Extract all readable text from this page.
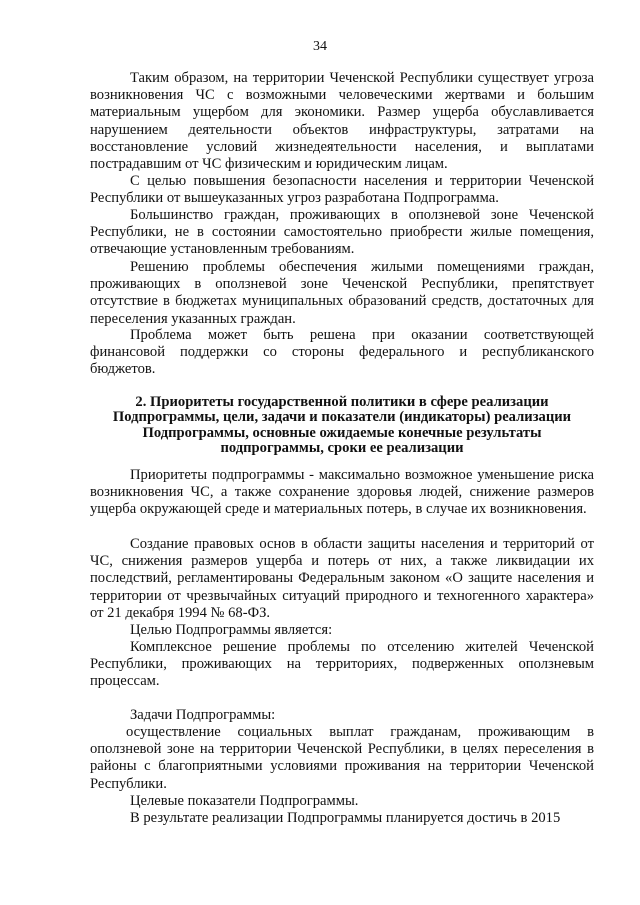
34
Таким образом, на территории Чеченской Республики существует угроза возникновения ЧС с возможными человеческими жертвами и большим материальным ущербом для экономики. Размер ущерба обуславливается нарушением деятельности объектов инфраструктуры, затратами на восстановление условий жизнедеятельности населения, и выплатами пострадавшим от ЧС физическим и юридическим лицам.
С целью повышения безопасности населения и территории Чеченской Республики от вышеуказанных угроз разработана Подпрограмма.
Большинство граждан, проживающих в оползневой зоне Чеченской Республики, не в состоянии самостоятельно приобрести жилые помещения, отвечающие установленным требованиям.
Решению проблемы обеспечения жилыми помещениями граждан, проживающих в оползневой зоне Чеченской Республики, препятствует отсутствие в бюджетах муниципальных образований средств, достаточных для переселения указанных граждан.
Проблема может быть решена при оказании соответствующей финансовой поддержки со стороны федерального и республиканского бюджетов.
2. Приоритеты государственной политики в сфере реализации Подпрограммы, цели, задачи и показатели (индикаторы) реализации Подпрограммы, основные ожидаемые конечные результаты подпрограммы, сроки ее реализации
Приоритеты подпрограммы - максимально возможное уменьшение риска возникновения ЧС, а также сохранение здоровья людей, снижение размеров ущерба окружающей среде и материальных потерь, в случае их возникновения.
Создание правовых основ в области защиты населения и территорий от ЧС, снижения размеров ущерба и потерь от них, а также ликвидации их последствий, регламентированы Федеральным законом «О защите населения и территории от чрезвычайных ситуаций природного и техногенного характера» от 21 декабря 1994 № 68-ФЗ.
Целью Подпрограммы является:
Комплексное решение проблемы по отселению жителей Чеченской Республики, проживающих на территориях, подверженных оползневым процессам.
Задачи Подпрограммы:
осуществление социальных выплат гражданам, проживающим в оползневой зоне на территории Чеченской Республики, в целях переселения в районы с благоприятными условиями проживания на территории Чеченской Республики.
Целевые показатели Подпрограммы.
В результате реализации Подпрограммы планируется достичь в 2015
